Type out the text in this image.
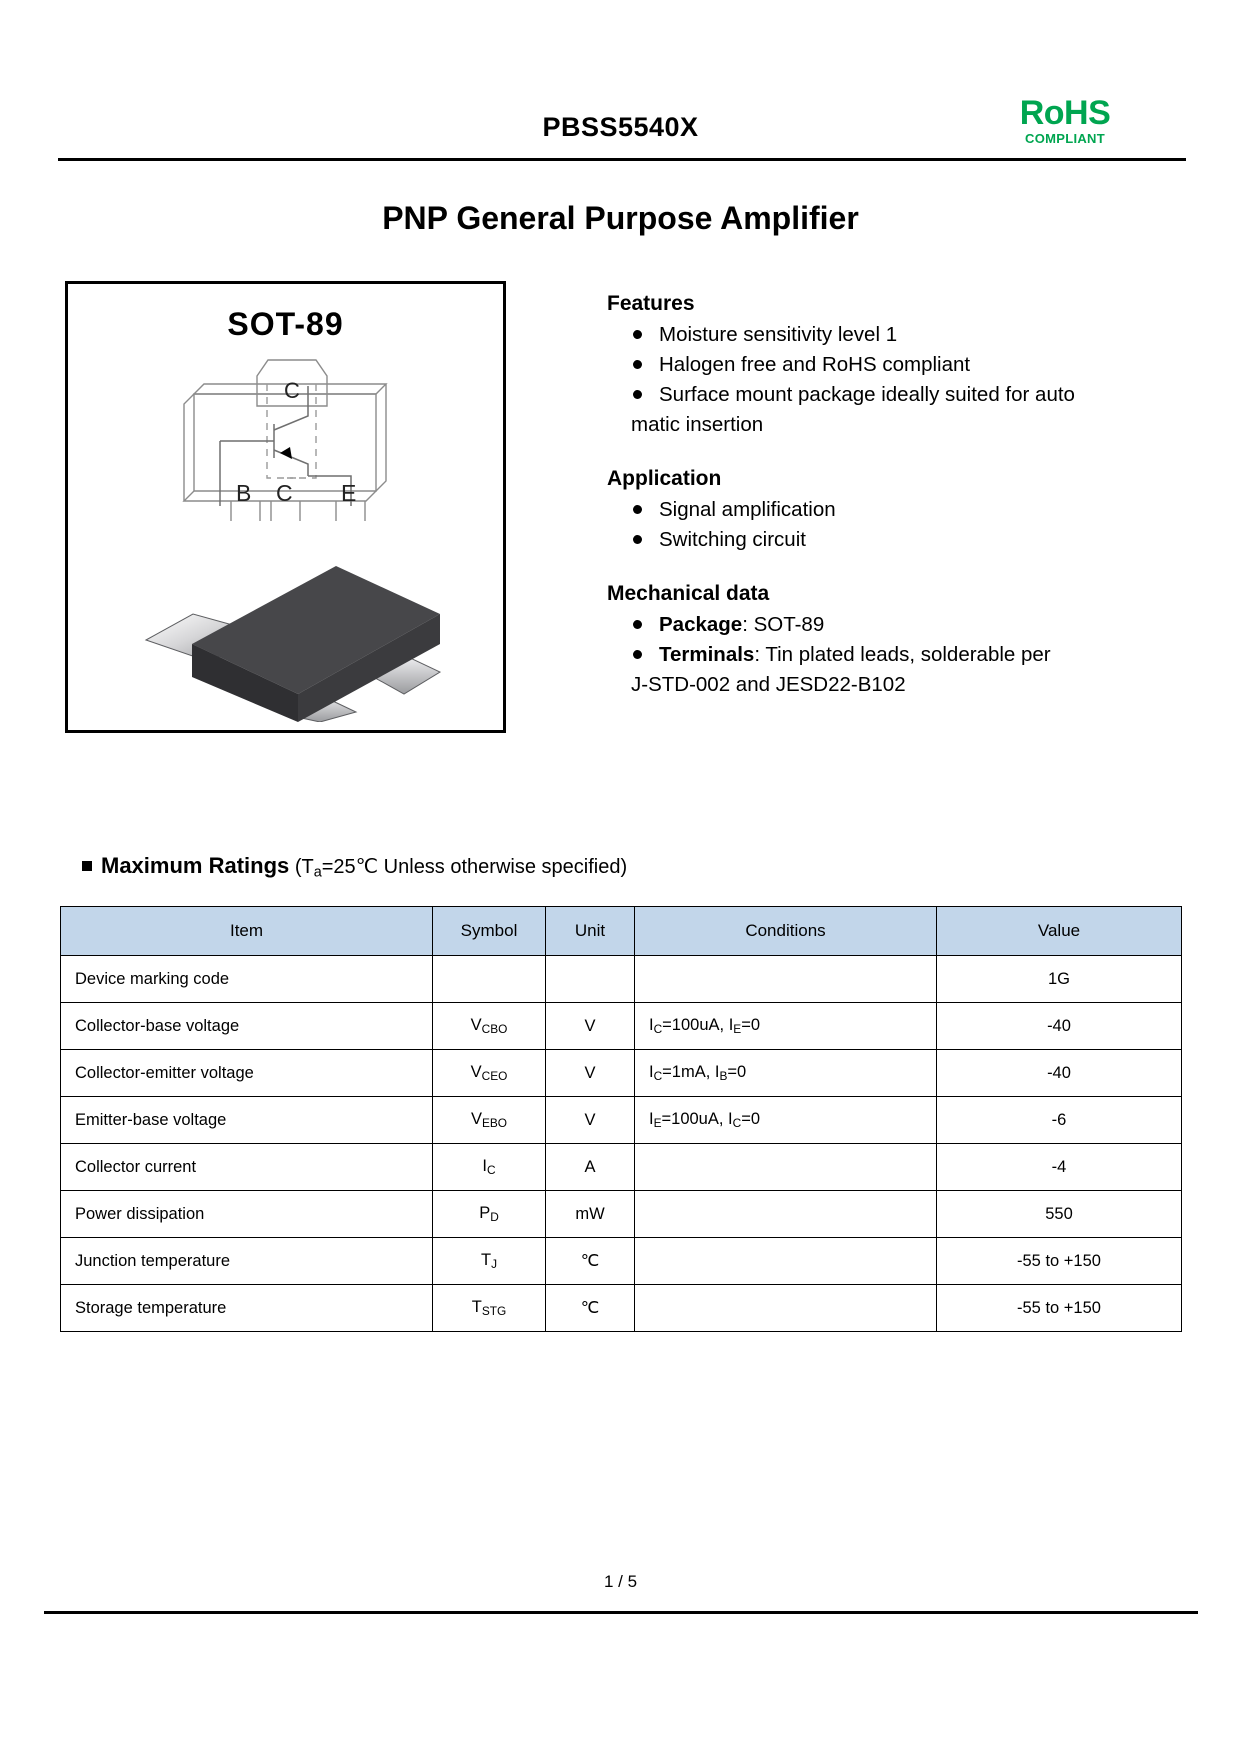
PBSS5540X	RoHS
COMPLIANT
PNP General Purpose Amplifier
SOT-89
C
B C E
Features
Moisture sensitivity level 1
Halogen free and RoHS compliant
Surface mount package ideally suited for auto
matic insertion
Application
Signal amplification
Switching circuit
Mechanical data
Package: SOT-89
Terminals: Tin plated leads, solderable per
J-STD-002 and JESD22-B102
Maximum Ratings ($T_a=25℃$ Unless otherwise specified)
Item	Symbol	Unit	Conditions	Value
Device marking code				1G
Collector-base voltage	$V_{CBO}$	V	$I_C=100uA$, $I_E=0$	-40
Collector-emitter voltage	$V_{CEO}$	V	$I_C=1mA$, $I_B=0$	-40
Emitter-base voltage	$V_{EBO}$	V	$I_E=100uA$, $I_C=0$	-6
Collector current	$I_C$	A		-4
Power dissipation	$P_D$	mW		550
Junction temperature	$T_J$	℃		-55 to +150
Storage temperature	$T_{STG}$	℃		-55 to +150
1 / 5
